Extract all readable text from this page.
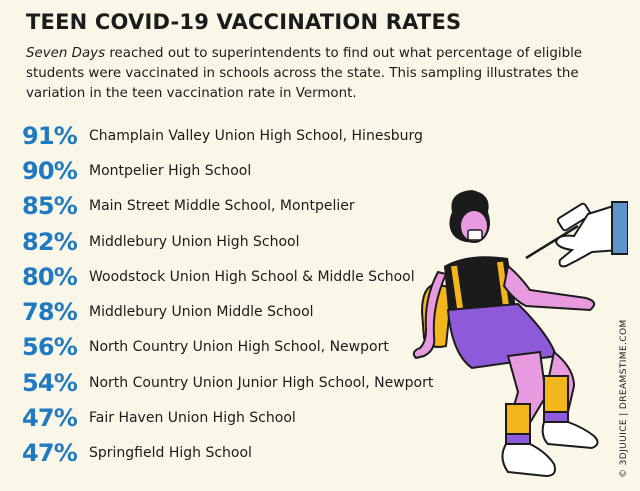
TEEN COVID-19 VACCINATION RATES

Seven Days reached out to superintendents to find out what percentage of eligible students were vaccinated in schools across the state. This sampling illustrates the variation in the teen vaccination rate in Vermont.

91% Champlain Valley Union High School, Hinesburg
90% Montpelier High School
85% Main Street Middle School, Montpelier
82% Middlebury Union High School
80% Woodstock Union High School & Middle School
78% Middlebury Union Middle School
56% North Country Union High School, Newport
54% North Country Union Junior High School, Newport
47% Fair Haven Union High School
47% Springfield High School	© 3DJUUICE | DREAMSTIME.COM
